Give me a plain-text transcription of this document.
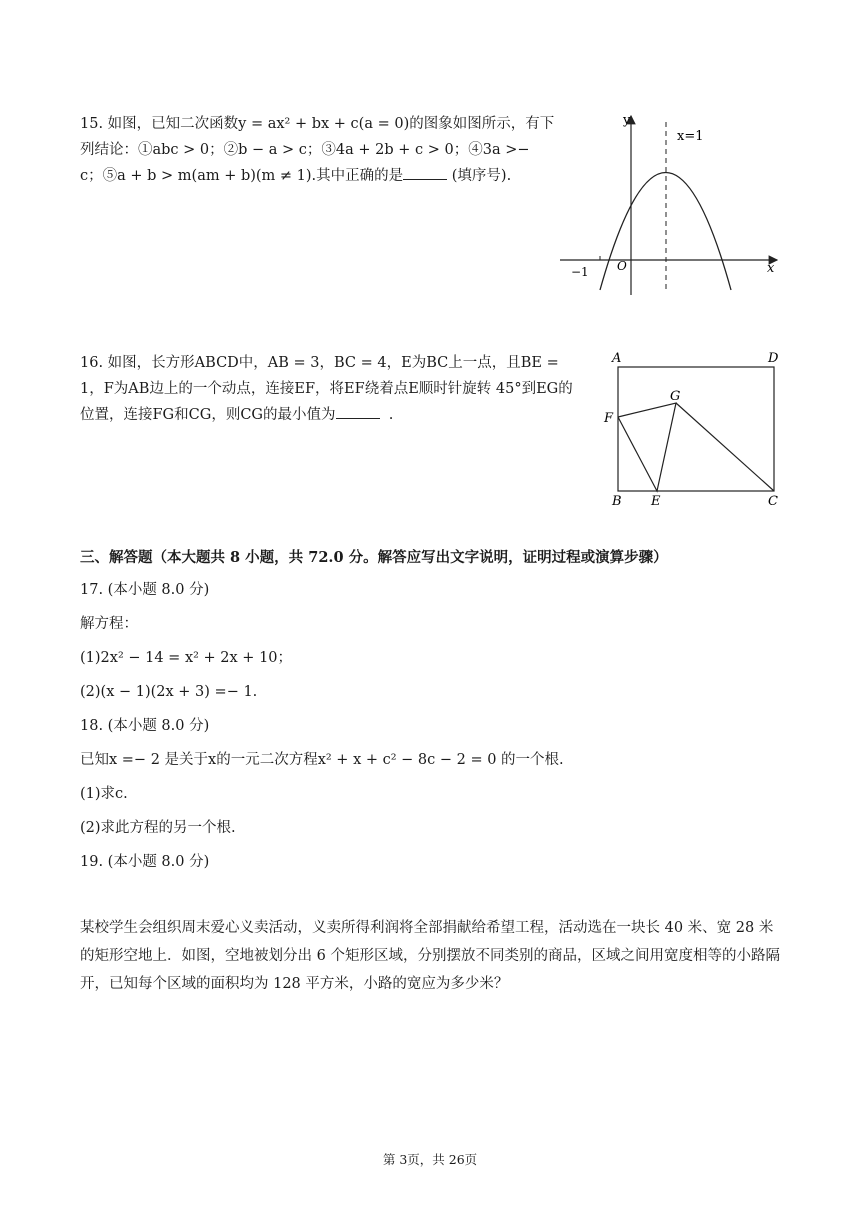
15. 如图，已知二次函数y = ax² + bx + c(a = 0)的图象如图所示，有下列结论：①abc > 0；②b − a > c；③4a + 2b + c > 0；④3a >− c；⑤a + b > m(am + b)(m ≠ 1).其中正确的是	(填序号).
y
x
x=1
O
−1
16. 如图，长方形ABCD中，AB = 3，BC = 4，E为BC上一点，且BE = 1，F为AB边上的一个动点，连接EF，将EF绕着点E顺时针旋转 45°到EG的位置，连接FG和CG，则CG的最小值为	.
A	D
F
G
B E	C
三、解答题（本大题共 8 小题，共 72.0 分。解答应写出文字说明，证明过程或演算步骤）
17. (本小题 8.0 分)
解方程：
(1)2x² − 14 = x² + 2x + 10；
(2)(x − 1)(2x + 3) =− 1.
18. (本小题 8.0 分)
已知x =− 2 是关于x的一元二次方程x² + x + c² − 8c − 2 = 0 的一个根.
(1)求c.
(2)求此方程的另一个根.
19. (本小题 8.0 分)
某校学生会组织周末爱心义卖活动，义卖所得利润将全部捐献给希望工程，活动选在一块长 40 米、宽 28 米的矩形空地上．如图，空地被划分出 6 个矩形区域，分别摆放不同类别的商品，区域之间用宽度相等的小路隔开，已知每个区域的面积均为 128 平方米，小路的宽应为多少米？
第 3页，共 26页
